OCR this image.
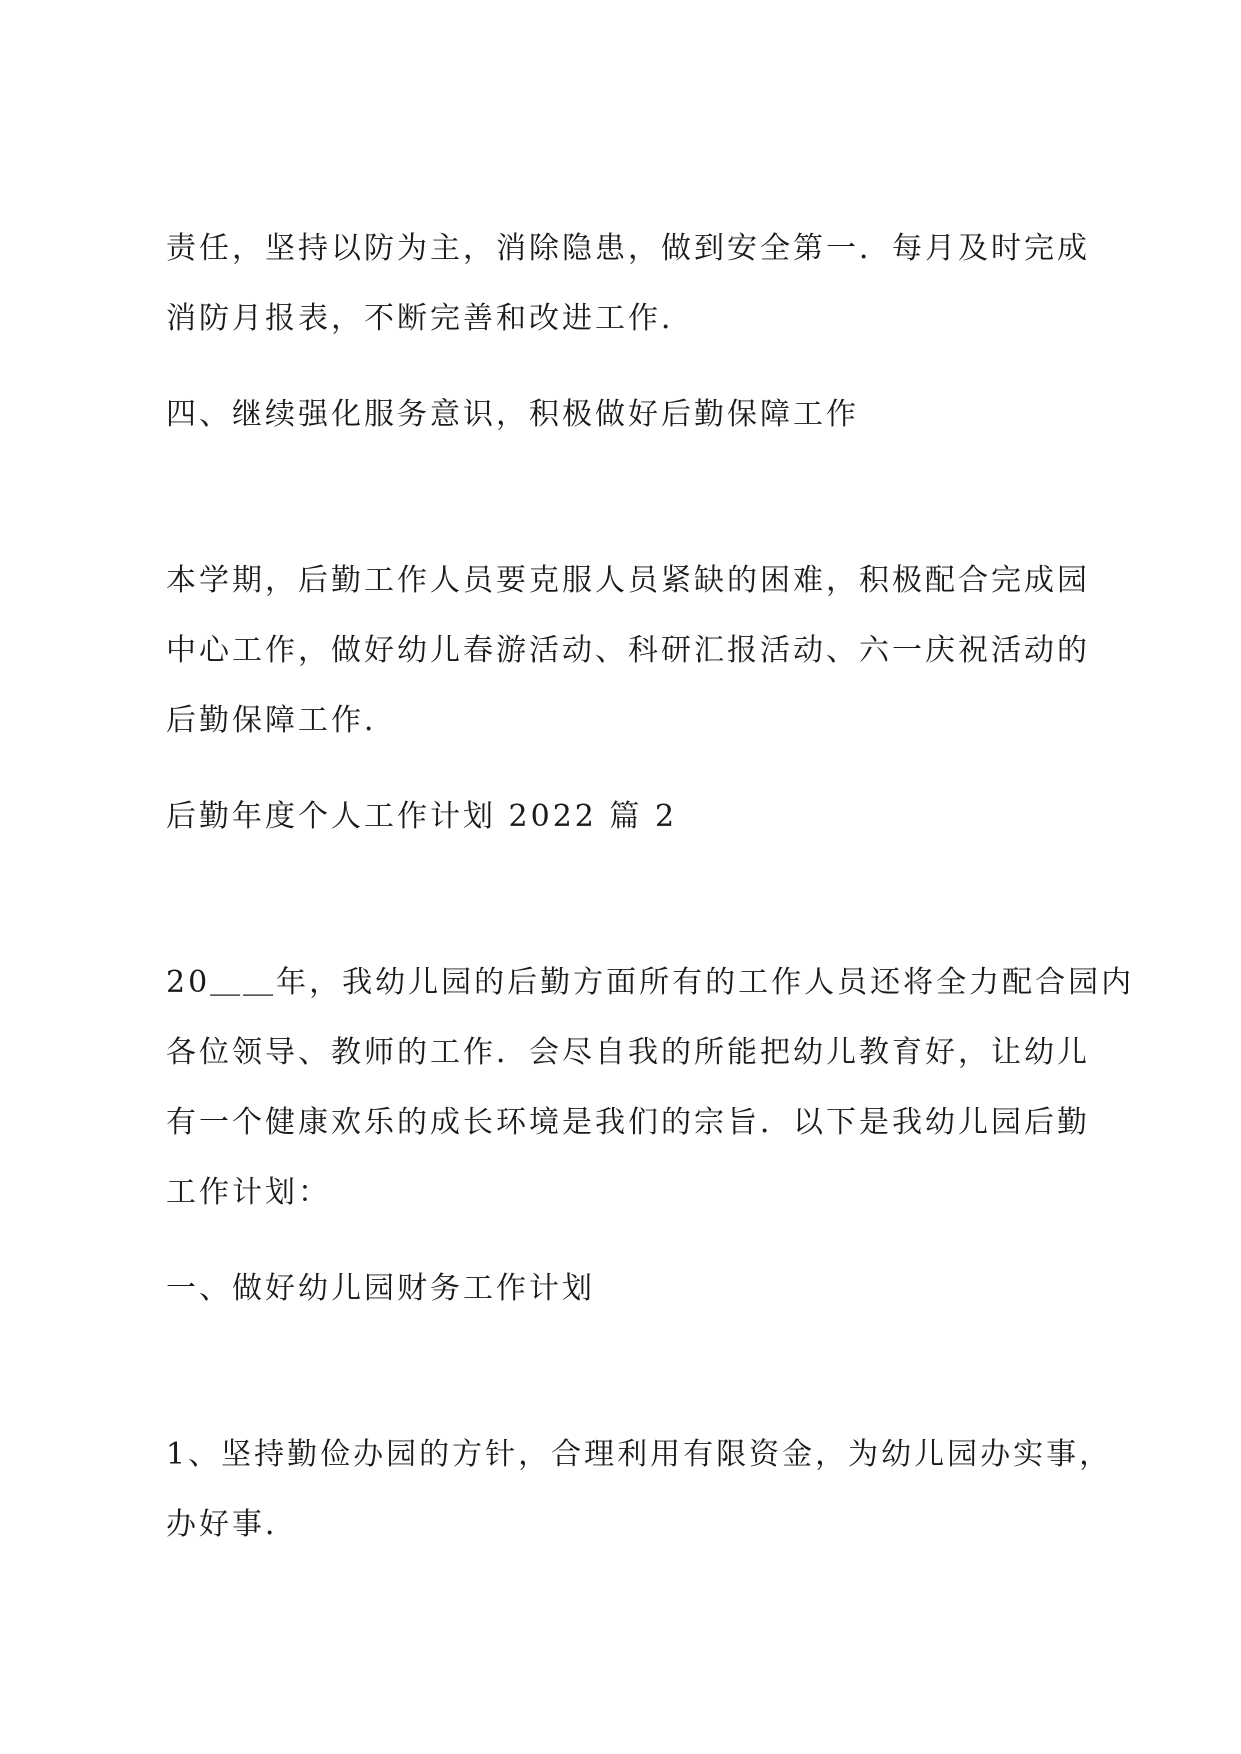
责任，坚持以防为主，消除隐患，做到安全第一．每月及时完成
消防月报表，不断完善和改进工作．
四、继续强化服务意识，积极做好后勤保障工作
本学期，后勤工作人员要克服人员紧缺的困难，积极配合完成园
中心工作，做好幼儿春游活动、科研汇报活动、六一庆祝活动的
后勤保障工作．
后勤年度个人工作计划 2022 篇 2
20＿＿年，我幼儿园的后勤方面所有的工作人员还将全力配合园内
各位领导、教师的工作．会尽自我的所能把幼儿教育好，让幼儿
有一个健康欢乐的成长环境是我们的宗旨．以下是我幼儿园后勤
工作计划：
一、做好幼儿园财务工作计划
1、坚持勤俭办园的方针，合理利用有限资金，为幼儿园办实事，
办好事．
